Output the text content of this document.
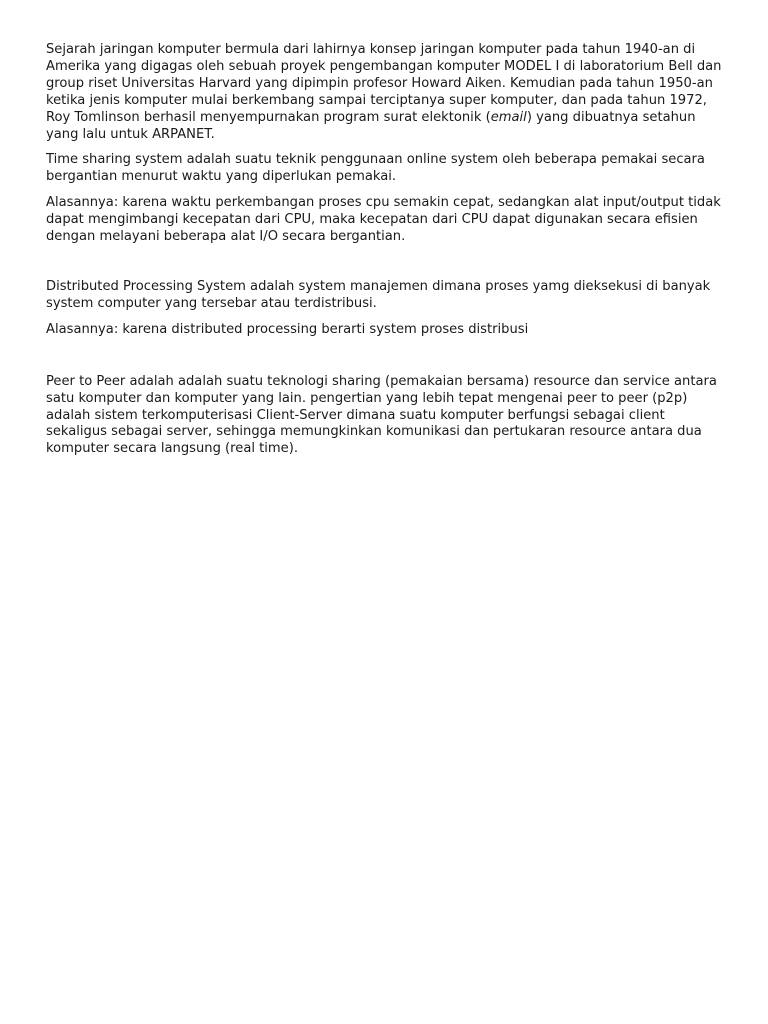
Sejarah jaringan komputer bermula dari lahirnya konsep jaringan komputer pada tahun 1940-an di Amerika yang digagas oleh sebuah proyek pengembangan komputer MODEL I di laboratorium Bell dan group riset Universitas Harvard yang dipimpin profesor Howard Aiken. Kemudian pada tahun 1950-an ketika jenis komputer mulai berkembang sampai terciptanya super komputer, dan pada tahun 1972, Roy Tomlinson berhasil menyempurnakan program surat elektonik (email) yang dibuatnya setahun yang lalu untuk ARPANET.

Time sharing system adalah suatu teknik penggunaan online system oleh beberapa pemakai secara bergantian menurut waktu yang diperlukan pemakai.

Alasannya: karena waktu perkembangan proses cpu semakin cepat, sedangkan alat input/output tidak dapat mengimbangi kecepatan dari CPU, maka kecepatan dari CPU dapat digunakan secara efisien dengan melayani beberapa alat I/O secara bergantian.

Distributed Processing System adalah system manajemen dimana proses yamg dieksekusi di banyak system computer yang tersebar atau terdistribusi.

Alasannya: karena distributed processing berarti system proses distribusi

Peer to Peer adalah adalah suatu teknologi sharing (pemakaian bersama) resource dan service antara satu komputer dan komputer yang lain. pengertian yang lebih tepat mengenai peer to peer (p2p) adalah sistem terkomputerisasi Client-Server dimana suatu komputer berfungsi sebagai client sekaligus sebagai server, sehingga memungkinkan komunikasi dan pertukaran resource antara dua komputer secara langsung (real time).
